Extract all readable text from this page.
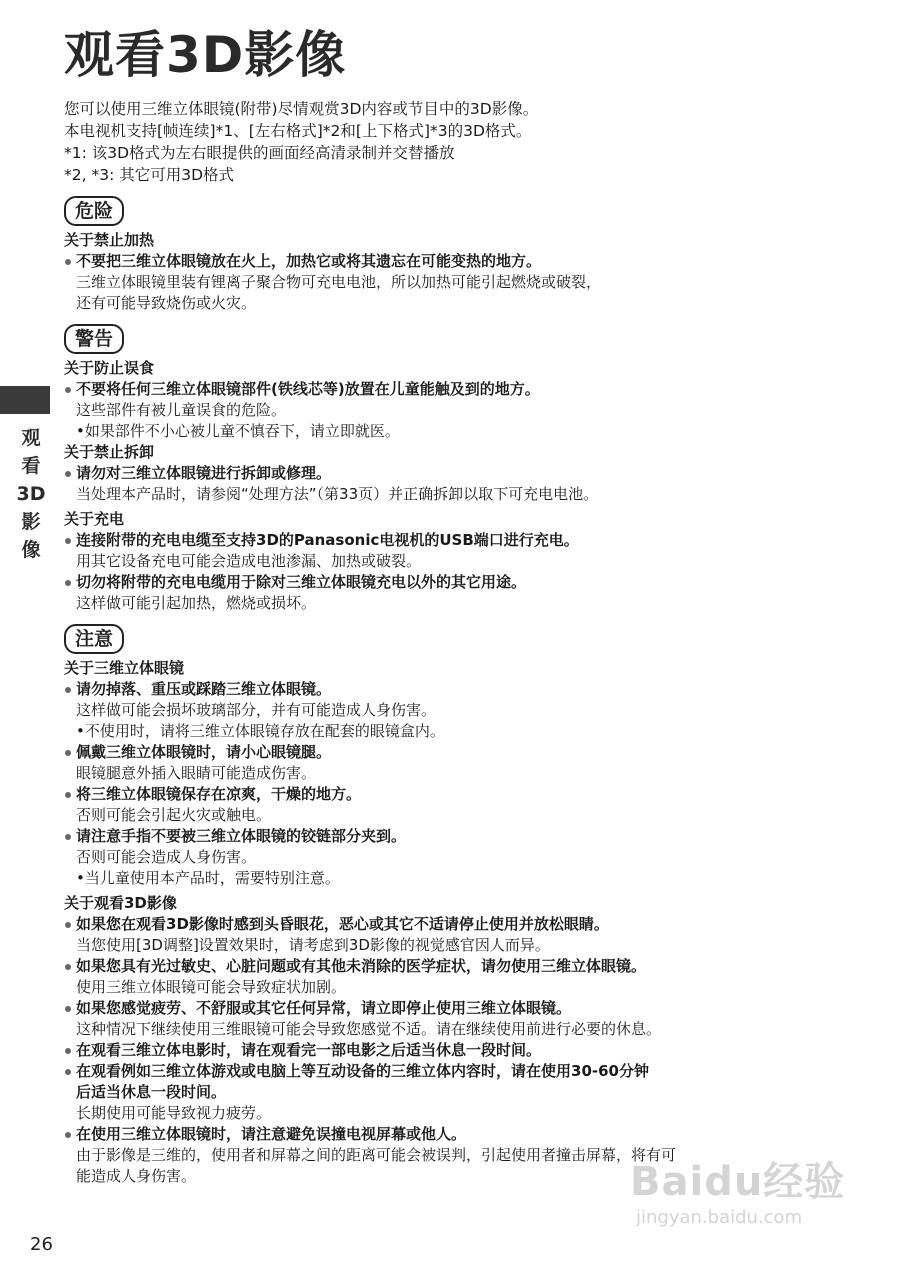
观看3D影像
您可以使用三维立体眼镜(附带)尽情观赏3D内容或节目中的3D影像。
本电视机支持[帧连续]*1、[左右格式]*2和[上下格式]*3的3D格式。
*1: 该3D格式为左右眼提供的画面经高清录制并交替播放
*2, *3: 其它可用3D格式
观
看
3D
影
像
危险
关于禁止加热
不要把三维立体眼镜放在火上，加热它或将其遗忘在可能变热的地方。
三维立体眼镜里装有锂离子聚合物可充电电池，所以加热可能引起燃烧或破裂，
还有可能导致烧伤或火灾。
警告
关于防止误食
不要将任何三维立体眼镜部件(铁线芯等)放置在儿童能触及到的地方。
这些部件有被儿童误食的危险。
•如果部件不小心被儿童不慎吞下，请立即就医。
关于禁止拆卸
请勿对三维立体眼镜进行拆卸或修理。
当处理本产品时，请参阅“处理方法”（第33页）并正确拆卸以取下可充电电池。
关于充电
连接附带的充电电缆至支持3D的Panasonic电视机的USB端口进行充电。
用其它设备充电可能会造成电池渗漏、加热或破裂。
切勿将附带的充电电缆用于除对三维立体眼镜充电以外的其它用途。
这样做可能引起加热，燃烧或损坏。
注意
关于三维立体眼镜
请勿掉落、重压或踩踏三维立体眼镜。
这样做可能会损坏玻璃部分，并有可能造成人身伤害。
•不使用时，请将三维立体眼镜存放在配套的眼镜盒内。
佩戴三维立体眼镜时，请小心眼镜腿。
眼镜腿意外插入眼睛可能造成伤害。
将三维立体眼镜保存在凉爽，干燥的地方。
否则可能会引起火灾或触电。
请注意手指不要被三维立体眼镜的铰链部分夹到。
否则可能会造成人身伤害。
•当儿童使用本产品时，需要特别注意。
关于观看3D影像
如果您在观看3D影像时感到头昏眼花，恶心或其它不适请停止使用并放松眼睛。
当您使用[3D调整]设置效果时，请考虑到3D影像的视觉感官因人而异。
如果您具有光过敏史、心脏问题或有其他未消除的医学症状，请勿使用三维立体眼镜。
使用三维立体眼镜可能会导致症状加剧。
如果您感觉疲劳、不舒服或其它任何异常，请立即停止使用三维立体眼镜。
这种情况下继续使用三维眼镜可能会导致您感觉不适。请在继续使用前进行必要的休息。
在观看三维立体电影时，请在观看完一部电影之后适当休息一段时间。
在观看例如三维立体游戏或电脑上等互动设备的三维立体内容时，请在使用30-60分钟
后适当休息一段时间。
长期使用可能导致视力疲劳。
在使用三维立体眼镜时，请注意避免误撞电视屏幕或他人。
由于影像是三维的，使用者和屏幕之间的距离可能会被误判，引起使用者撞击屏幕，将有可
能造成人身伤害。	Baidu经验
jingyan.baidu.com
26
